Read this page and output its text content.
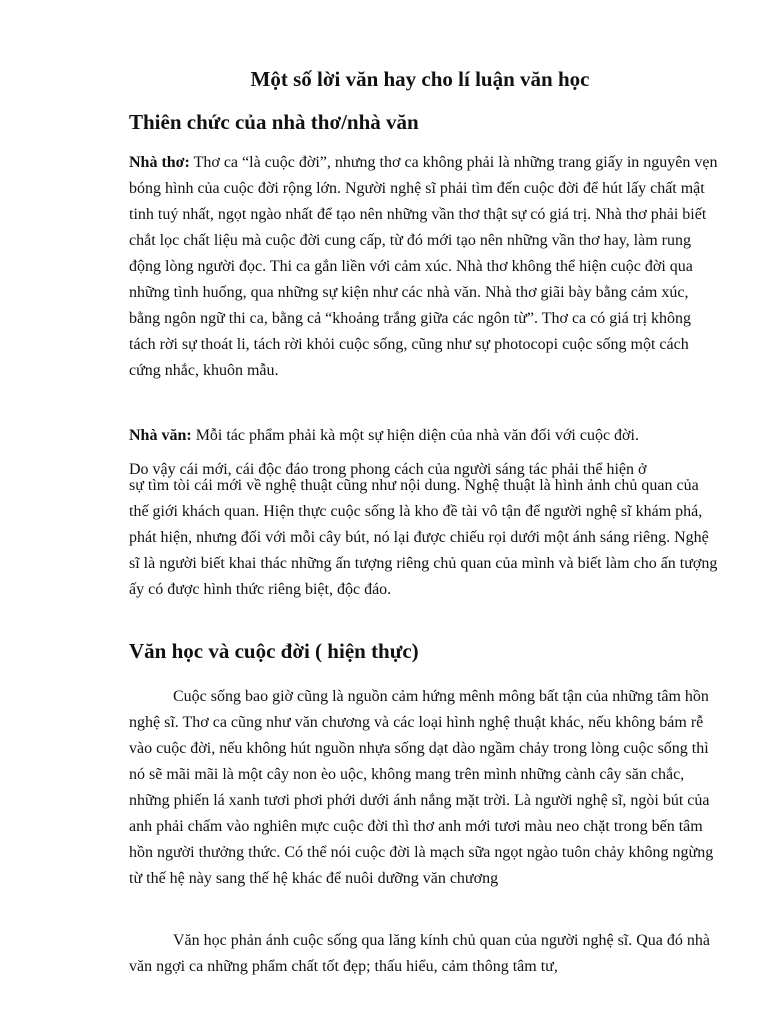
Một số lời văn hay cho lí luận văn học
Thiên chức của nhà thơ/nhà văn

Nhà thơ: Thơ ca “là cuộc đời”, nhưng thơ ca không phải là những trang giấy in nguyên vẹn bóng hình của cuộc đời rộng lớn. Người nghệ sĩ phải tìm đến cuộc đời để hút lấy chất mật tinh tuý nhất, ngọt ngào nhất để tạo nên những vần thơ thật sự có giá trị. Nhà thơ phải biết chắt lọc chất liệu mà cuộc đời cung cấp, từ đó mới tạo nên những vần thơ hay, làm rung động lòng người đọc. Thi ca gắn liền với cảm xúc. Nhà thơ không thể hiện cuộc đời qua những tình huống, qua những sự kiện như các nhà văn. Nhà thơ giãi bày bằng cảm xúc, bằng ngôn ngữ thi ca, bằng cả “khoảng trắng giữa các ngôn từ”. Thơ ca có giá trị không tách rời sự thoát li, tách rời khỏi cuộc sống, cũng như sự photocopi cuộc sống một cách cứng nhắc, khuôn mẫu.

Nhà văn: Mỗi tác phẩm phải kà một sự hiện diện của nhà văn đối với cuộc đời.

Do vậy cái mới, cái độc đáo trong phong cách của người sáng tác phải thể hiện ở

sự tìm tòi cái mới về nghệ thuật cũng như nội dung. Nghệ thuật là hình ảnh chủ quan của thế giới khách quan. Hiện thực cuộc sống là kho đề tài vô tận để người nghệ sĩ khám phá, phát hiện, nhưng đối với mỗi cây bút, nó lại được chiếu rọi dưới một ánh sáng riêng. Nghệ sĩ là người biết khai thác những ấn tượng riêng chủ quan của mình và biết làm cho ấn tượng ấy có được hình thức riêng biệt, độc đáo.

Văn học và cuộc đời ( hiện thực)

Cuộc sống bao giờ cũng là nguồn cảm hứng mênh mông bất tận của những tâm hồn nghệ sĩ. Thơ ca cũng như văn chương và các loại hình nghệ thuật khác, nếu không bám rễ vào cuộc đời, nếu không hút nguồn nhựa sống dạt dào ngầm chảy trong lòng cuộc sống thì nó sẽ mãi mãi là một cây non èo uộc, không mang trên mình những cành cây săn chắc, những phiến lá xanh tươi phơi phới dưới ánh nắng mặt trời. Là người nghệ sĩ, ngòi bút của anh phải chấm vào nghiên mực cuộc đời thì thơ anh mới tươi màu neo chặt trong bến tâm hồn người thưởng thức. Có thể nói cuộc đời là mạch sữa ngọt ngào tuôn chảy không ngừng từ thế hệ này sang thế hệ khác để nuôi dưỡng văn chương

Văn học phản ánh cuộc sống qua lăng kính chủ quan của người nghệ sĩ. Qua đó nhà văn ngợi ca những phẩm chất tốt đẹp; thấu hiểu, cảm thông tâm tư,
